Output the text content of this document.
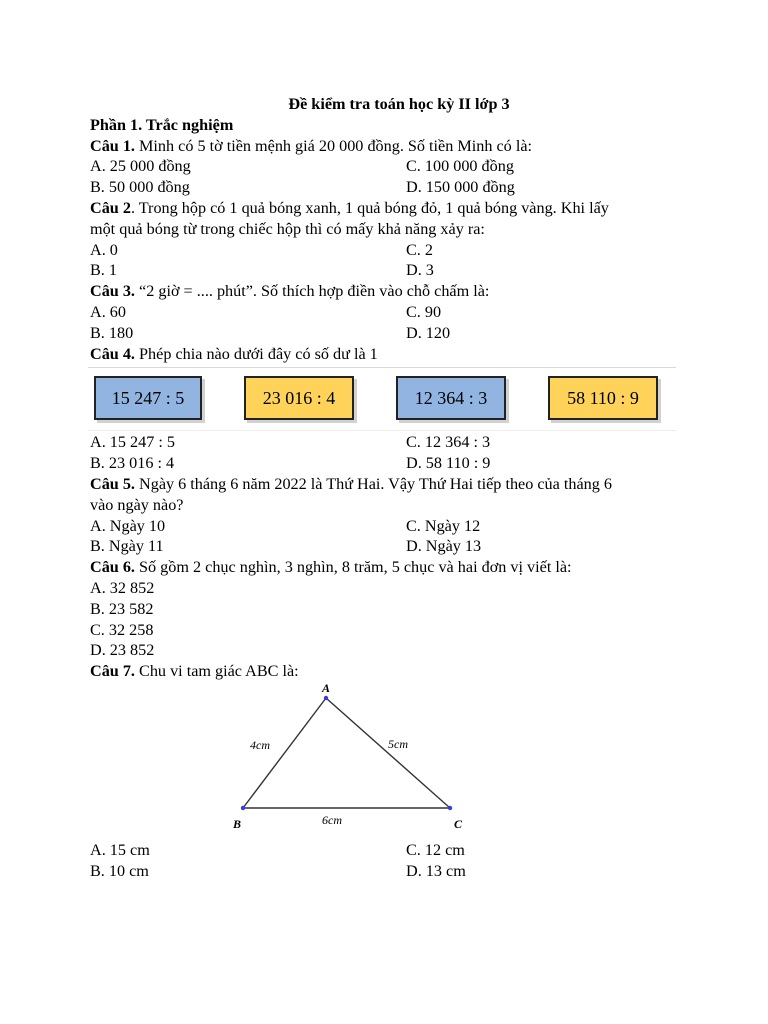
Đề kiểm tra toán học kỳ II lớp 3
Phần 1. Trắc nghiệm
Câu 1. Minh có 5 tờ tiền mệnh giá 20 000 đồng. Số tiền Minh có là:
A. 25 000 đồng	C. 100 000 đồng
B. 50 000 đồng	D. 150 000 đồng
Câu 2. Trong hộp có 1 quả bóng xanh, 1 quả bóng đỏ, 1 quả bóng vàng. Khi lấy
một quả bóng từ trong chiếc hộp thì có mấy khả năng xảy ra:
A. 0	C. 2
B. 1	D. 3
Câu 3. “2 giờ = .... phút”. Số thích hợp điền vào chỗ chấm là:
A. 60	C. 90
B. 180	D. 120
Câu 4. Phép chia nào dưới đây có số dư là 1
15 247 : 5	23 016 : 4	12 364 : 3	58 110 : 9
A. 15 247 : 5	C. 12 364 : 3
B. 23 016 : 4	D. 58 110 : 9
Câu 5. Ngày 6 tháng 6 năm 2022 là Thứ Hai. Vậy Thứ Hai tiếp theo của tháng 6
vào ngày nào?
A. Ngày 10	C. Ngày 12
B. Ngày 11	D. Ngày 13
Câu 6. Số gồm 2 chục nghìn, 3 nghìn, 8 trăm, 5 chục và hai đơn vị viết là:
A. 32 852
B. 23 582
C. 32 258
D. 23 852
Câu 7. Chu vi tam giác ABC là:
A
B	C
4cm	5cm
6cm
A. 15 cm	C. 12 cm
B. 10 cm	D. 13 cm
